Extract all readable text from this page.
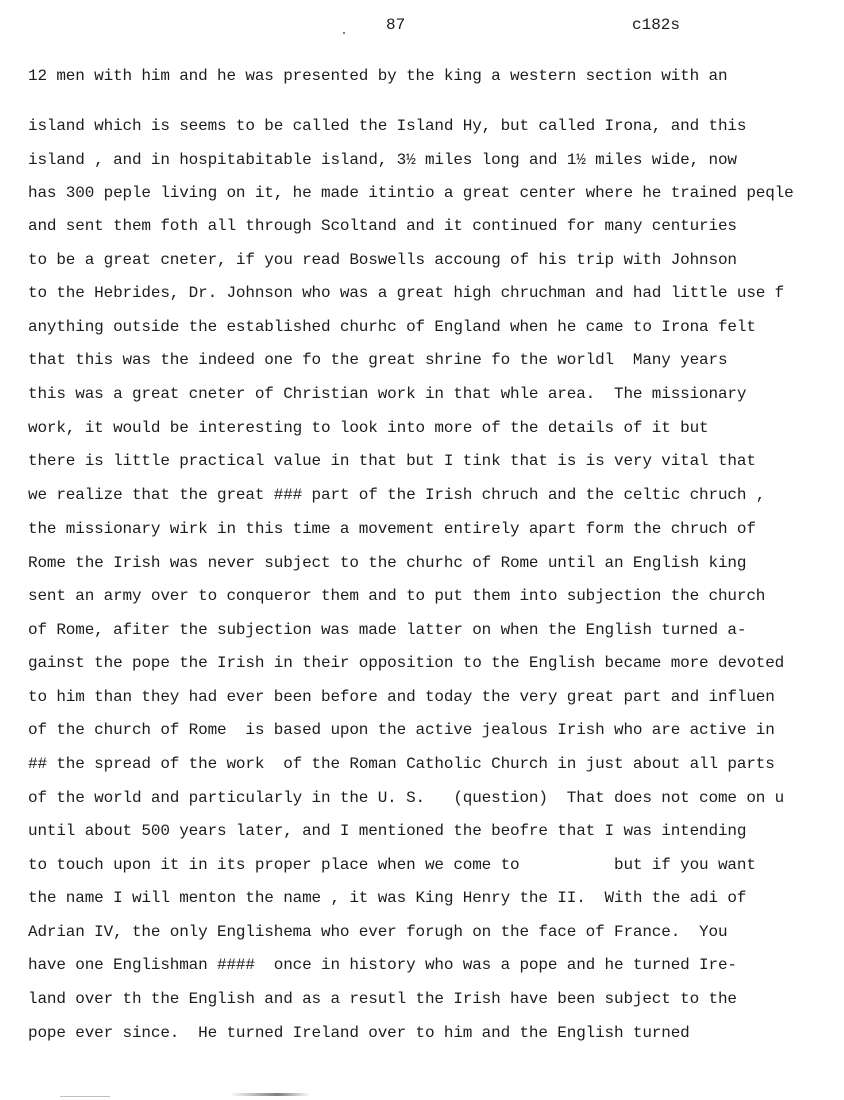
87	c182s
12 men with him and he was presented by the king a western section with an
island which is seems to be called the Island Hy, but called Irona, and this
island , and in hospitabitable island, 3½ miles long and 1½ miles wide, now
has 300 peple living on it, he made itintio a great center where he trained peqle
and sent them foth all through Scoltand and it continued for many centuries
to be a great cneter, if you read Boswells accoung of his trip with Johnson
to the Hebrides, Dr. Johnson who was a great high chruchman and had little use f
anything outside the established churhc of England when he came to Irona felt
that this was the indeed one fo the great shrine fo the worldl  Many years
this was a great cneter of Christian work in that whle area.  The missionary
work, it would be interesting to look into more of the details of it but
there is little practical value in that but I tink that is is very vital that
we realize that the great ### part of the Irish chruch and the celtic chruch ,
the missionary wirk in this time a movement entirely apart form the chruch of
Rome the Irish was never subject to the churhc of Rome until an English king
sent an army over to conqueror them and to put them into subjection the church
of Rome, afiter the subjection was made latter on when the English turned a-
gainst the pope the Irish in their opposition to the English became more devoted
to him than they had ever been before and today the very great part and influen
of the church of Rome  is based upon the active jealous Irish who are active in
## the spread of the work  of the Roman Catholic Church in just about all parts
of the world and particularly in the U. S.   (question)  That does not come on u
until about 500 years later, and I mentioned the beofre that I was intending
to touch upon it in its proper place when we come to          but if you want
the name I will menton the name , it was King Henry the II.  With the adi of
Adrian IV, the only Englishema who ever forugh on the face of France.  You
have one Englishman ####  once in history who was a pope and he turned Ire-
land over th the English and as a resutl the Irish have been subject to the
pope ever since.  He turned Ireland over to him and the English turned
